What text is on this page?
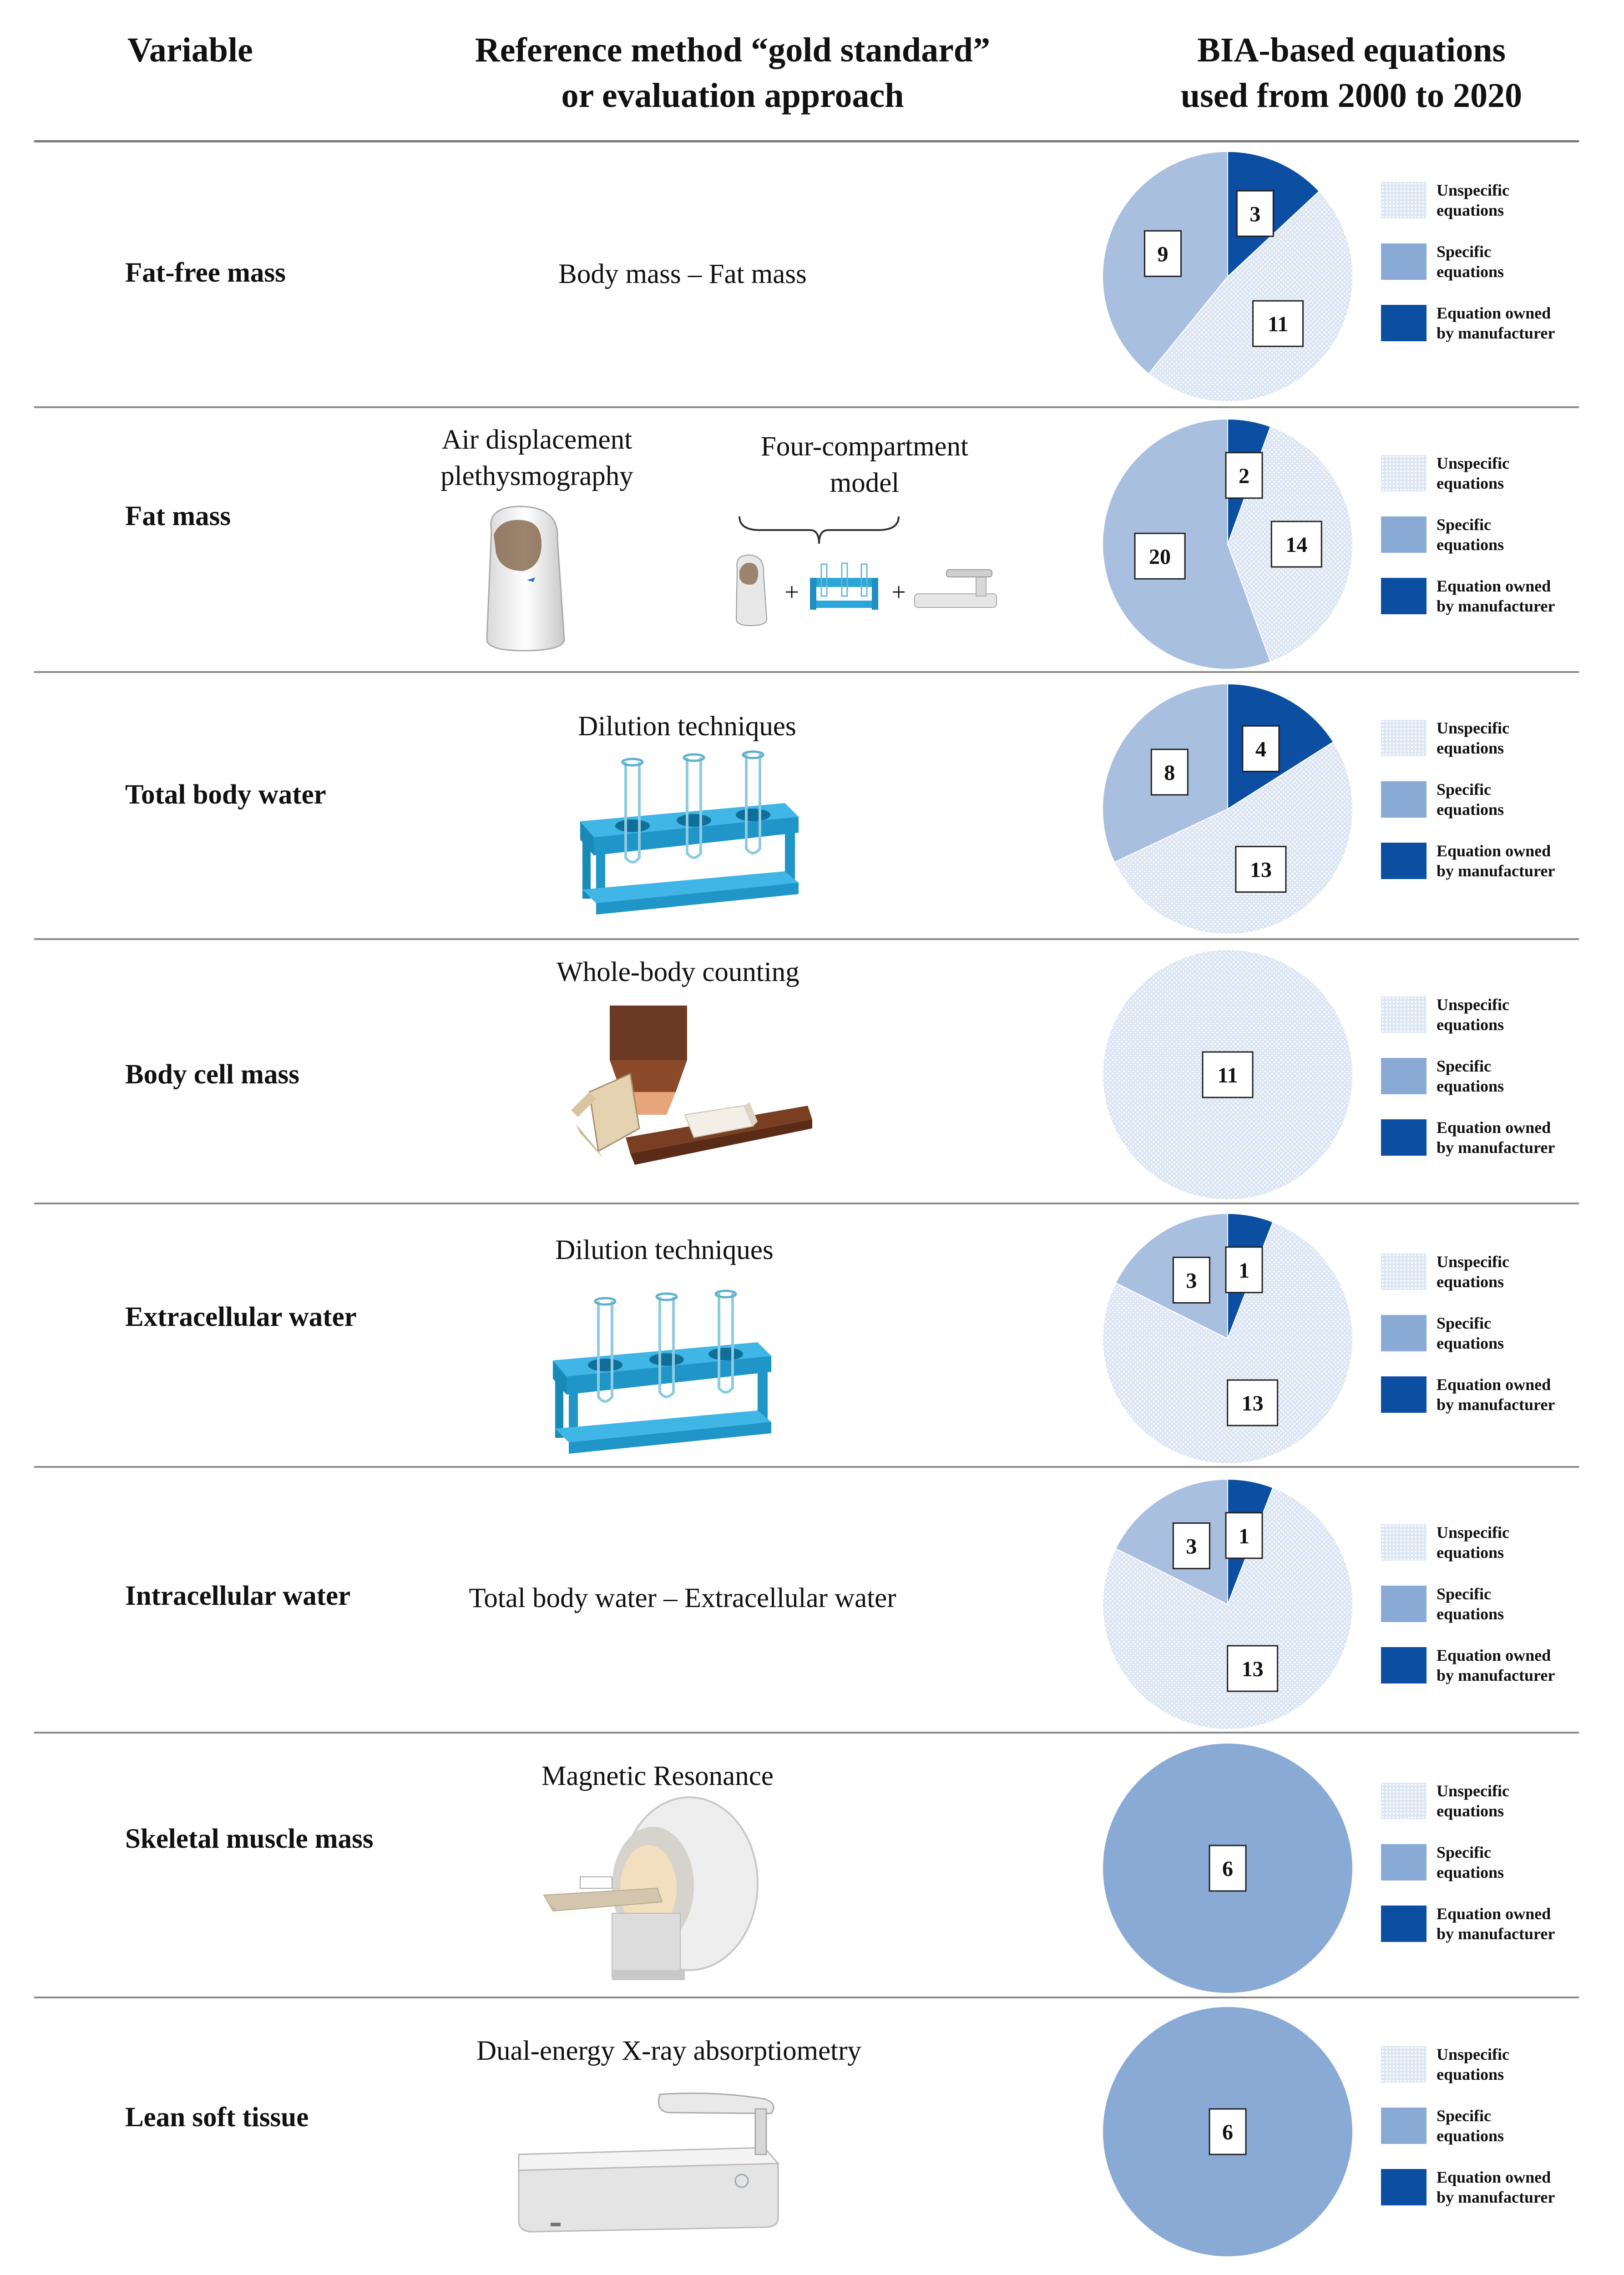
Variable	Reference method “gold standard”
or evaluation approach
BIA-based equations
used from 2000 to 2020
Fat-free mass
Fat mass
Total body water
Body cell mass
Extracellular water
Intracellular water
Skeletal muscle mass
Lean soft tissue
Body mass – Fat mass
Air displacement
plethysmography
Four-compartment
model
Dilution techniques
Whole-body counting
Dilution techniques
Total body water – Extracellular water
Magnetic Resonance
Dual-energy X-ray absorptiometry
+	+
3
11
9
2
14
20
4
13
8
11
1
13
3
1
13
3
6
6
Unspecific
equations
Specific
equations
Equation owned
by manufacturer
Unspecific
equations
Specific
equations
Equation owned
by manufacturer
Unspecific
equations
Specific
equations
Equation owned
by manufacturer
Unspecific
equations
Specific
equations
Equation owned
by manufacturer
Unspecific
equations
Specific
equations
Equation owned
by manufacturer
Unspecific
equations
Specific
equations
Equation owned
by manufacturer
Unspecific
equations
Specific
equations
Equation owned
by manufacturer
Unspecific
equations
Specific
equations
Equation owned
by manufacturer
